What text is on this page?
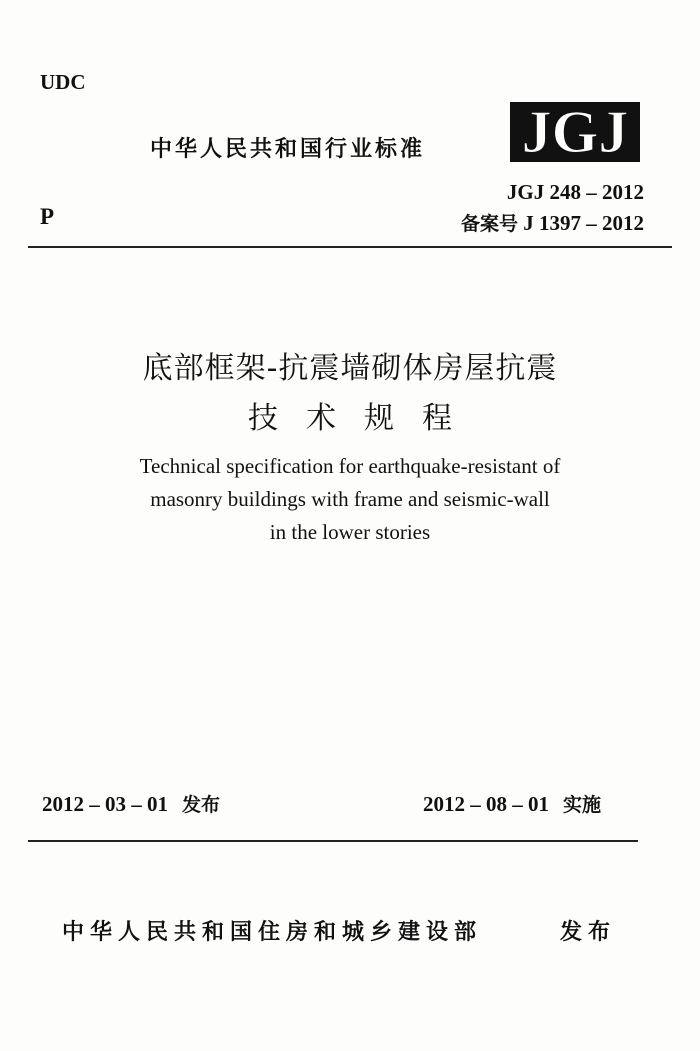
UDC
中华人民共和国行业标准 JGJ
JGJ 248 – 2012
P	备案号 J 1397 – 2012
底部框架-抗震墙砌体房屋抗震
技术规程
Technical specification for earthquake-resistant of
masonry buildings with frame and seismic-wall
in the lower stories
2012 – 03 – 01 发布	2012 – 08 – 01 实施
中华人民共和国住房和城乡建设部	发布
